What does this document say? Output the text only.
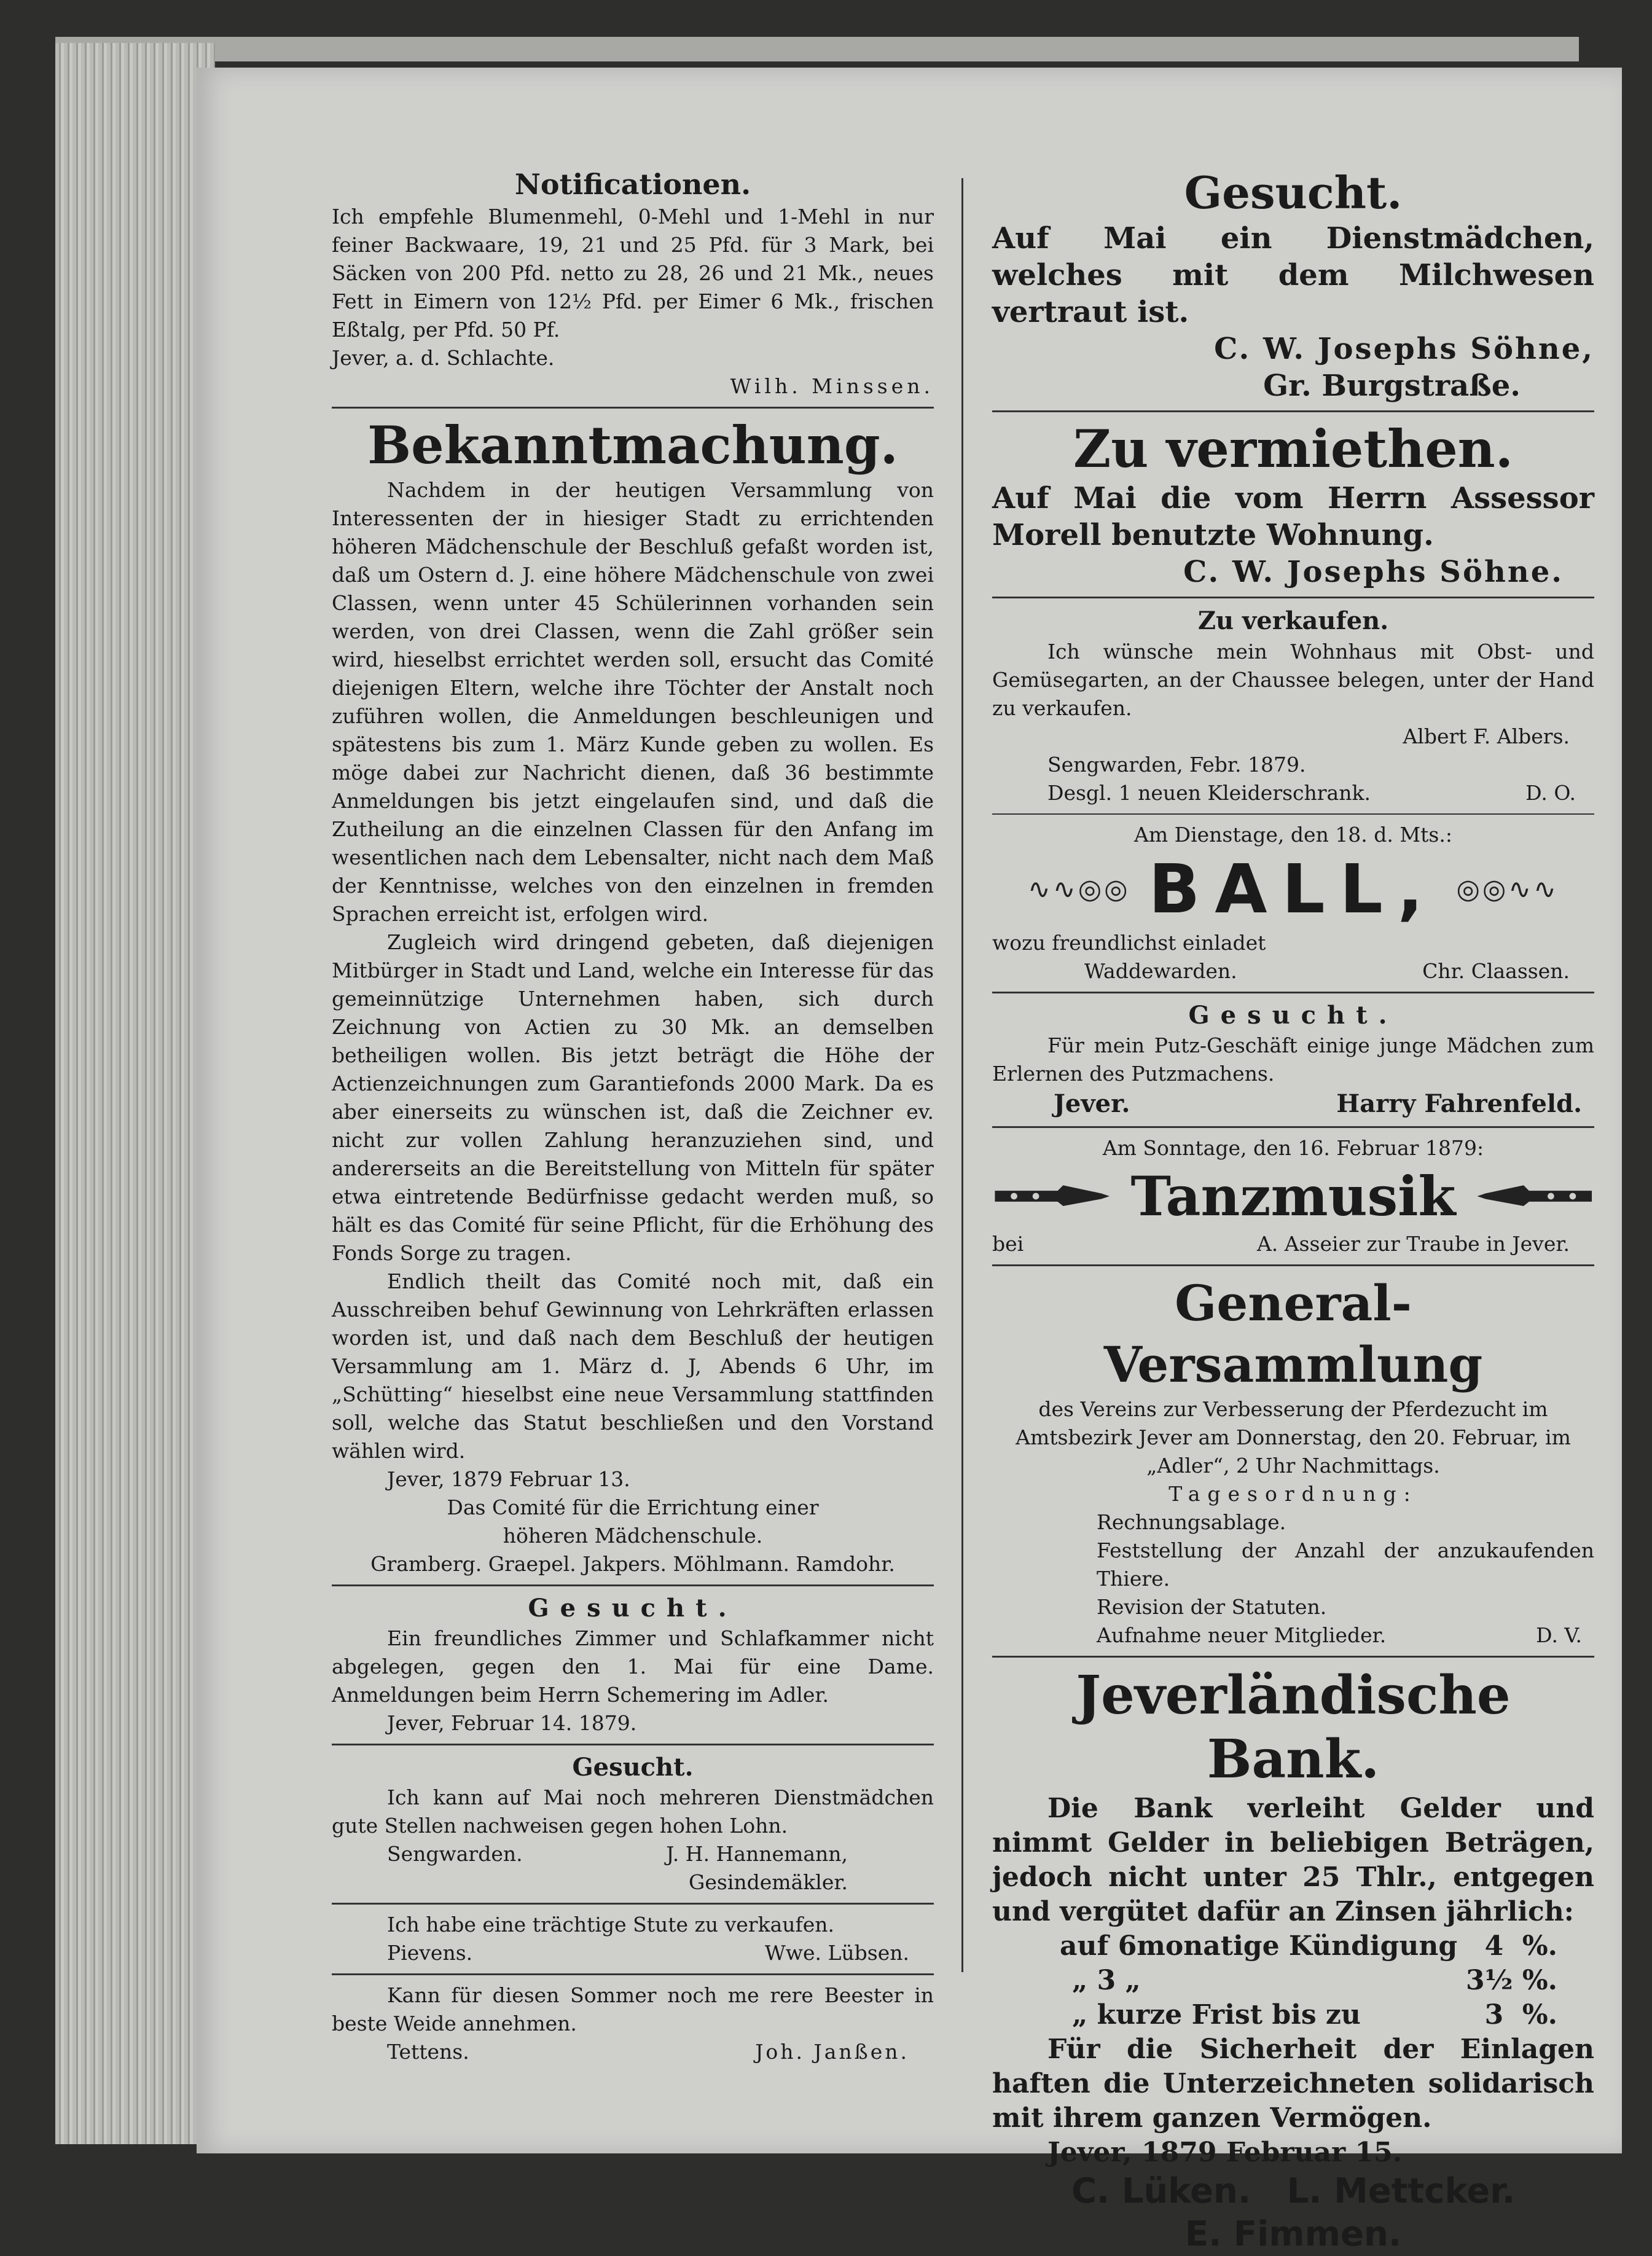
Notificationen.

Ich empfehle Blumenmehl, 0-Mehl und 1-Mehl in nur feiner Backwaare, 19, 21 und 25 Pfd. für 3 Mark, bei Säcken von 200 Pfd. netto zu 28, 26 und 21 Mk., neues Fett in Eimern von 12½ Pfd. per Eimer 6 Mk., frischen Eßtalg, per Pfd. 50 Pf.

Jever, a. d. Schlachte.

Wilh. Minssen.

Bekanntmachung.

Nachdem in der heutigen Versammlung von Interessenten der in hiesiger Stadt zu errichtenden höheren Mädchenschule der Beschluß gefaßt worden ist, daß um Ostern d. J. eine höhere Mädchenschule von zwei Classen, wenn unter 45 Schülerinnen vorhanden sein werden, von drei Classen, wenn die Zahl größer sein wird, hieselbst errichtet werden soll, ersucht das Comité diejenigen Eltern, welche ihre Töchter der Anstalt noch zuführen wollen, die Anmeldungen beschleunigen und spätestens bis zum 1. März Kunde geben zu wollen. Es möge dabei zur Nachricht dienen, daß 36 bestimmte Anmeldungen bis jetzt eingelaufen sind, und daß die Zutheilung an die einzelnen Classen für den Anfang im wesentlichen nach dem Lebensalter, nicht nach dem Maß der Kenntnisse, welches von den einzelnen in fremden Sprachen erreicht ist, erfolgen wird.

Zugleich wird dringend gebeten, daß diejenigen Mitbürger in Stadt und Land, welche ein Interesse für das gemeinnützige Unternehmen haben, sich durch Zeichnung von Actien zu 30 Mk. an demselben betheiligen wollen. Bis jetzt beträgt die Höhe der Actienzeichnungen zum Garantiefonds 2000 Mark. Da es aber einerseits zu wünschen ist, daß die Zeichner ev. nicht zur vollen Zahlung heranzuziehen sind, und andererseits an die Bereitstellung von Mitteln für später etwa eintretende Bedürfnisse gedacht werden muß, so hält es das Comité für seine Pflicht, für die Erhöhung des Fonds Sorge zu tragen.

Endlich theilt das Comité noch mit, daß ein Ausschreiben behuf Gewinnung von Lehrkräften erlassen worden ist, und daß nach dem Beschluß der heutigen Versammlung am 1. März d. J, Abends 6 Uhr, im „Schütting“ hieselbst eine neue Versammlung stattfinden soll, welche das Statut beschließen und den Vorstand wählen wird.

Jever, 1879 Februar 13.

Das Comité für die Errichtung einer höheren Mädchenschule.

Gramberg. Graepel. Jakpers. Möhlmann. Ramdohr.

Gesucht.

Ein freundliches Zimmer und Schlafkammer nicht abgelegen, gegen den 1. Mai für eine Dame. Anmeldungen beim Herrn Schemering im Adler.

Jever, Februar 14. 1879.

Gesucht.

Ich kann auf Mai noch mehreren Dienstmädchen gute Stellen nachweisen gegen hohen Lohn.

Sengwarden.	J. H. Hannemann,

Gesindemäkler.

Ich habe eine trächtige Stute zu verkaufen.

Pievens.	Wwe. Lübsen.

Kann für diesen Sommer noch me rere Beester in beste Weide annehmen.

Tettens.	Joh. Janßen.

Gesucht.

Auf Mai ein Dienstmädchen, welches mit dem Milchwesen vertraut ist.

C. W. Josephs Söhne,

Gr. Burgstraße.

Zu vermiethen.

Auf Mai die vom Herrn Assessor Morell benutzte Wohnung.

C. W. Josephs Söhne.

Zu verkaufen.

Ich wünsche mein Wohnhaus mit Obst- und Gemüsegarten, an der Chaussee belegen, unter der Hand zu verkaufen.

Albert F. Albers.

Sengwarden, Febr. 1879.

Desgl. 1 neuen Kleiderschrank.	D. O.

Am Dienstage, den 18. d. Mts.:

∿∿◎◎ BALL, ◎◎∿∿

wozu freundlichst einladet

Waddewarden.	Chr. Claassen.

Gesucht.

Für mein Putz-Geschäft einige junge Mädchen zum Erlernen des Putzmachens.

Jever.	Harry Fahrenfeld.

Am Sonntage, den 16. Februar 1879:

Tanzmusik
bei	A. Asseier zur Traube in Jever.

General-Versammlung

des Vereins zur Verbesserung der Pferdezucht im Amtsbezirk Jever am Donnerstag, den 20. Februar, im „Adler“, 2 Uhr Nachmittags.

Tagesordnung:

Rechnungsablage.

Feststellung der Anzahl der anzukaufenden Thiere.

Revision der Statuten.

Aufnahme neuer Mitglieder.	D. V.

Jeverländische Bank.

Die Bank verleiht Gelder und nimmt Gelder in beliebigen Beträgen, jedoch nicht unter 25 Thlr., entgegen und vergütet dafür an Zinsen jährlich:

auf 6monatige Kündigung 4 %.
„ 3 „	3½ %.
„ kurze Frist bis zu	3 %.

Für die Sicherheit der Einlagen haften die Unterzeichneten solidarisch mit ihrem ganzen Vermögen.

Jever, 1879 Februar 15.

C. Lüken.   L. Mettcker.

E. Fimmen.
